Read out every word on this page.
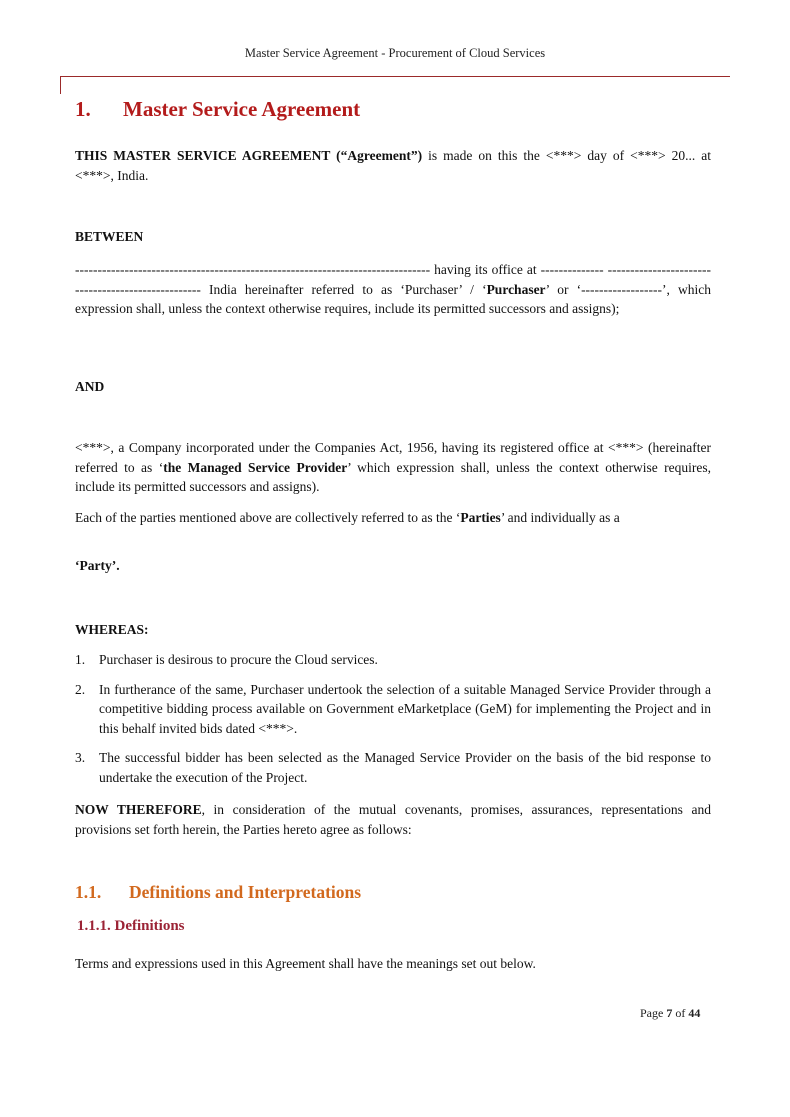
Master Service Agreement - Procurement of Cloud Services
1. Master Service Agreement

THIS MASTER SERVICE AGREEMENT (“Agreement”) is made on this the <***> day of <***> 20... at <***>, India.

BETWEEN

------------------------------------------------------------------------------- having its office at -------------- --------------------------------------------------- India hereinafter referred to as ‘Purchaser’ / ‘Purchaser’ or ‘------------------’, which expression shall, unless the context otherwise requires, include its permitted successors and assigns);

AND

<***>, a Company incorporated under the Companies Act, 1956, having its registered office at <***> (hereinafter referred to as ‘the Managed Service Provider’ which expression shall, unless the context otherwise requires, include its permitted successors and assigns).

Each of the parties mentioned above are collectively referred to as the ‘Parties’ and individually as a

‘Party’.

WHEREAS:

1. Purchaser is desirous to procure the Cloud services.
2. In furtherance of the same, Purchaser undertook the selection of a suitable Managed Service Provider through a competitive bidding process available on Government eMarketplace (GeM) for implementing the Project and in this behalf invited bids dated <***>.
3. The successful bidder has been selected as the Managed Service Provider on the basis of the bid response to undertake the execution of the Project.

NOW THEREFORE, in consideration of the mutual covenants, promises, assurances, representations and provisions set forth herein, the Parties hereto agree as follows:

1.1. Definitions and Interpretations
1.1.1. Definitions

Terms and expressions used in this Agreement shall have the meanings set out below.

Page 7 of 44
